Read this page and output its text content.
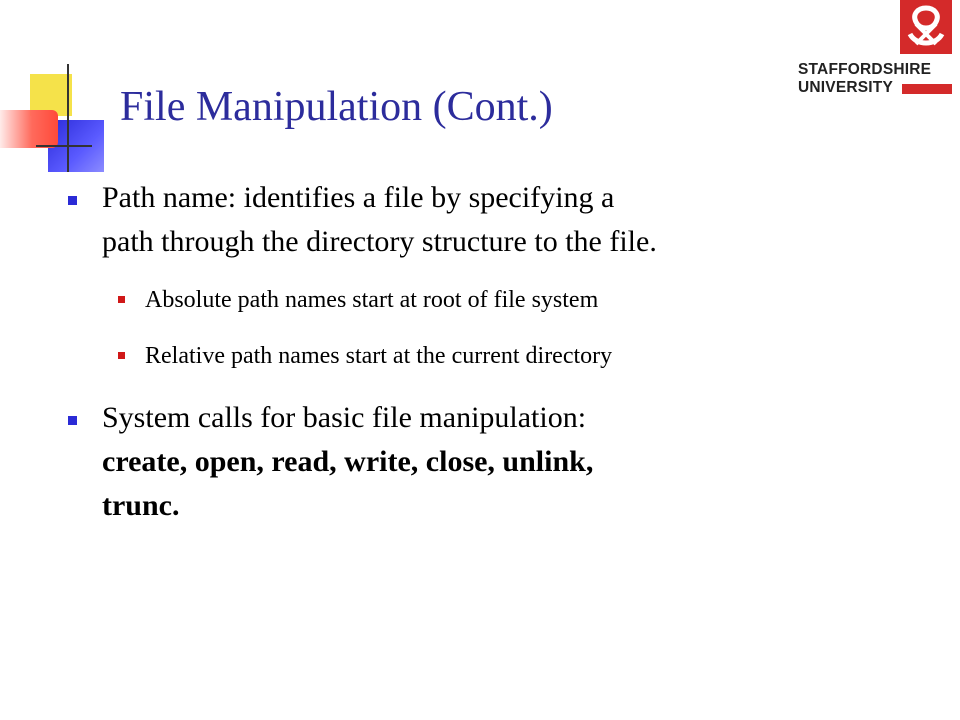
STAFFORDSHIRE
UNIVERSITY
File Manipulation (Cont.)
Path name: identifies a file by specifying a
path through the directory structure to the file.
Absolute path names start at root of file system
Relative path names start at the current directory
System calls for basic file manipulation:
create, open, read, write, close, unlink,
trunc.
